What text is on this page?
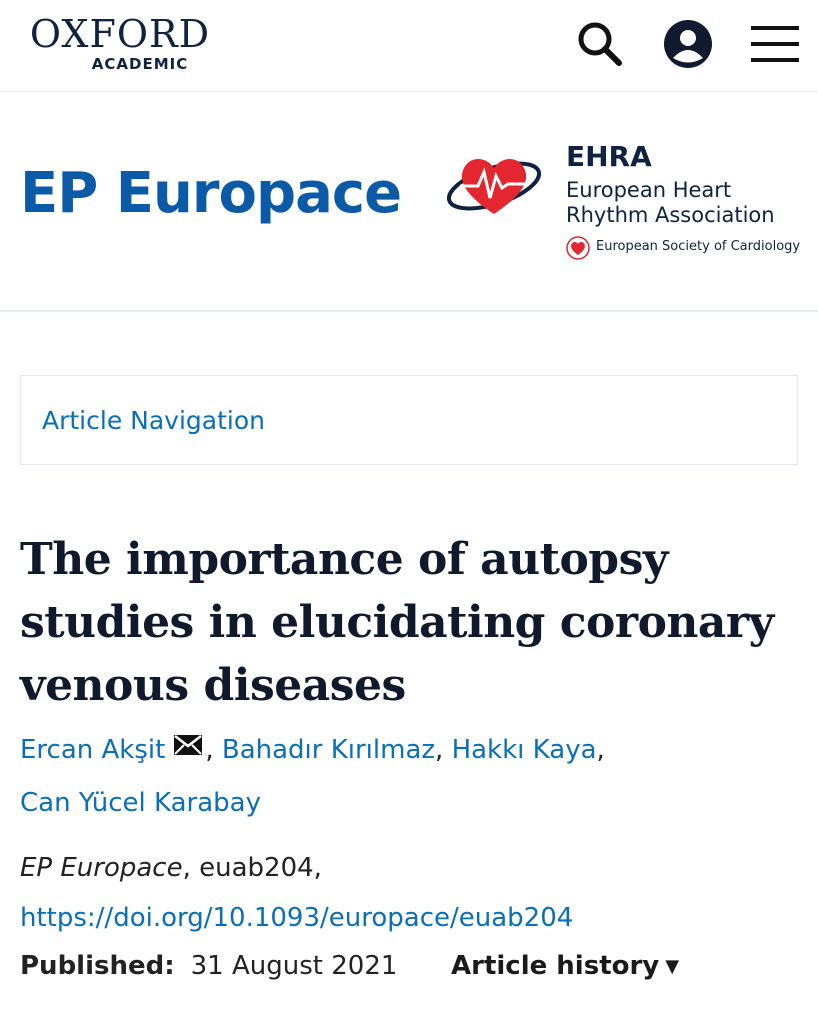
OXFORD
ACADEMIC
EP Europace
EHRA
European Heart
Rhythm Association
European Society of Cardiology
Article Navigation
The importance of autopsy studies in elucidating coronary venous diseases
Ercan Akşit , Bahadır Kırılmaz, Hakkı Kaya,
Can Yücel Karabay
EP Europace, euab204,
https://doi.org/10.1093/europace/euab204
Published: 31 August 2021 Article history ▼
